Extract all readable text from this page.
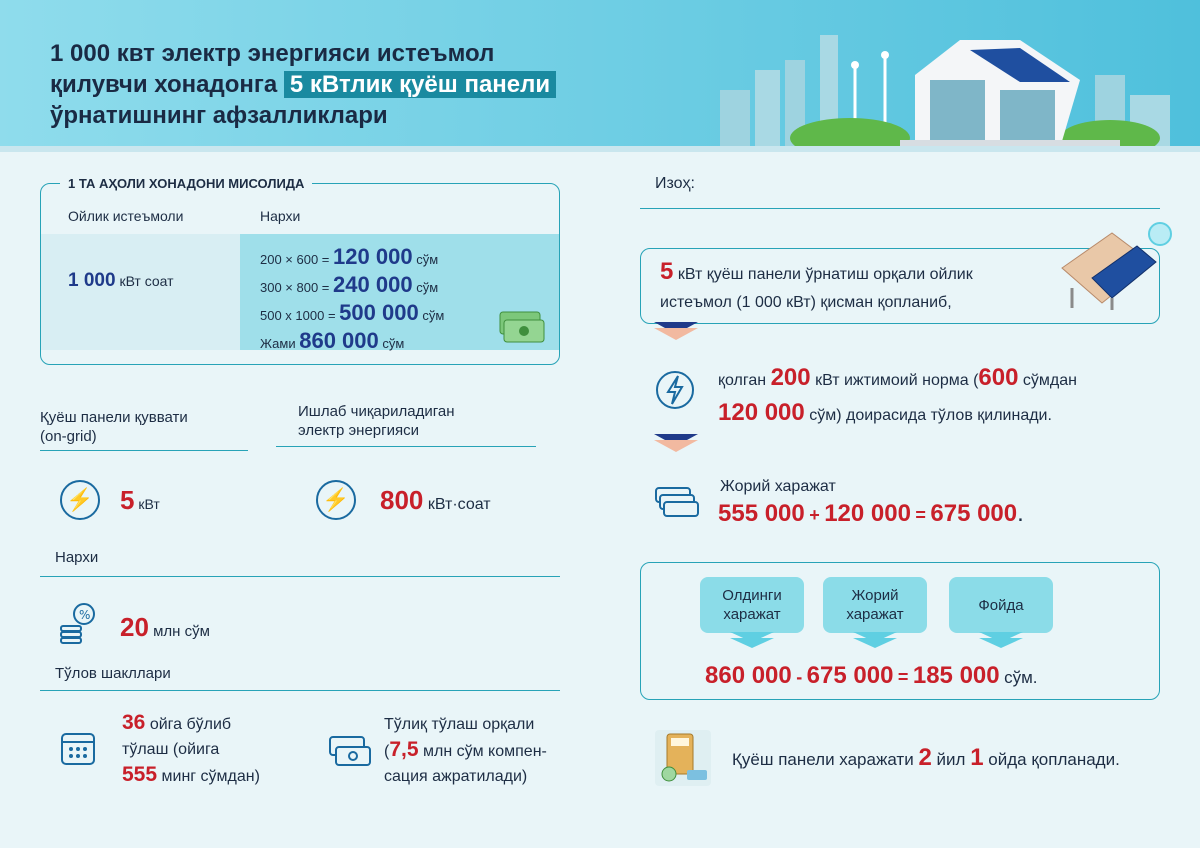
1 000 квт электр энергияси истеъмол
қилувчи хонадонга 5 кВтлик қуёш панели
ўрнатишнинг афзалликлари
1 ТА АҲОЛИ ХОНАДОНИ МИСОЛИДА
Ойлик истеъмоли	Нархи
1 000 кВт соат
200 × 600 = 120 000 сўм
300 × 800 = 240 000 сўм
500 х 1000 = 500 000 сўм
Жами 860 000 сўм
Қуёш панели қуввати
(on-grid)
⚡ 5 кВт
Ишлаб чиқариладиган
электр энергияси
⚡ 800 кВт·соат
Нархи
% 20 млн сўм
Тўлов шакллари
36 ойга бўлиб
тўлаш (ойига
555 минг сўмдан)
Тўлиқ тўлаш орқали
(7,5 млн сўм компен-
сация ажратилади)
Изоҳ:
5 кВт қуёш панели ўрнатиш орқали ойлик
истеъмол (1 000 кВт) қисман қопланиб,
қолган 200 кВт ижтимоий норма (600 сўмдан
120 000 сўм) доирасида тўлов қилинади.
Жорий харажат
555 000 + 120 000 = 675 000.
Олдинги
харажат
Жорий
харажат
Фойда
860 000 - 675 000 = 185 000 сўм.
Қуёш панели харажати 2 йил 1 ойда қопланади.
